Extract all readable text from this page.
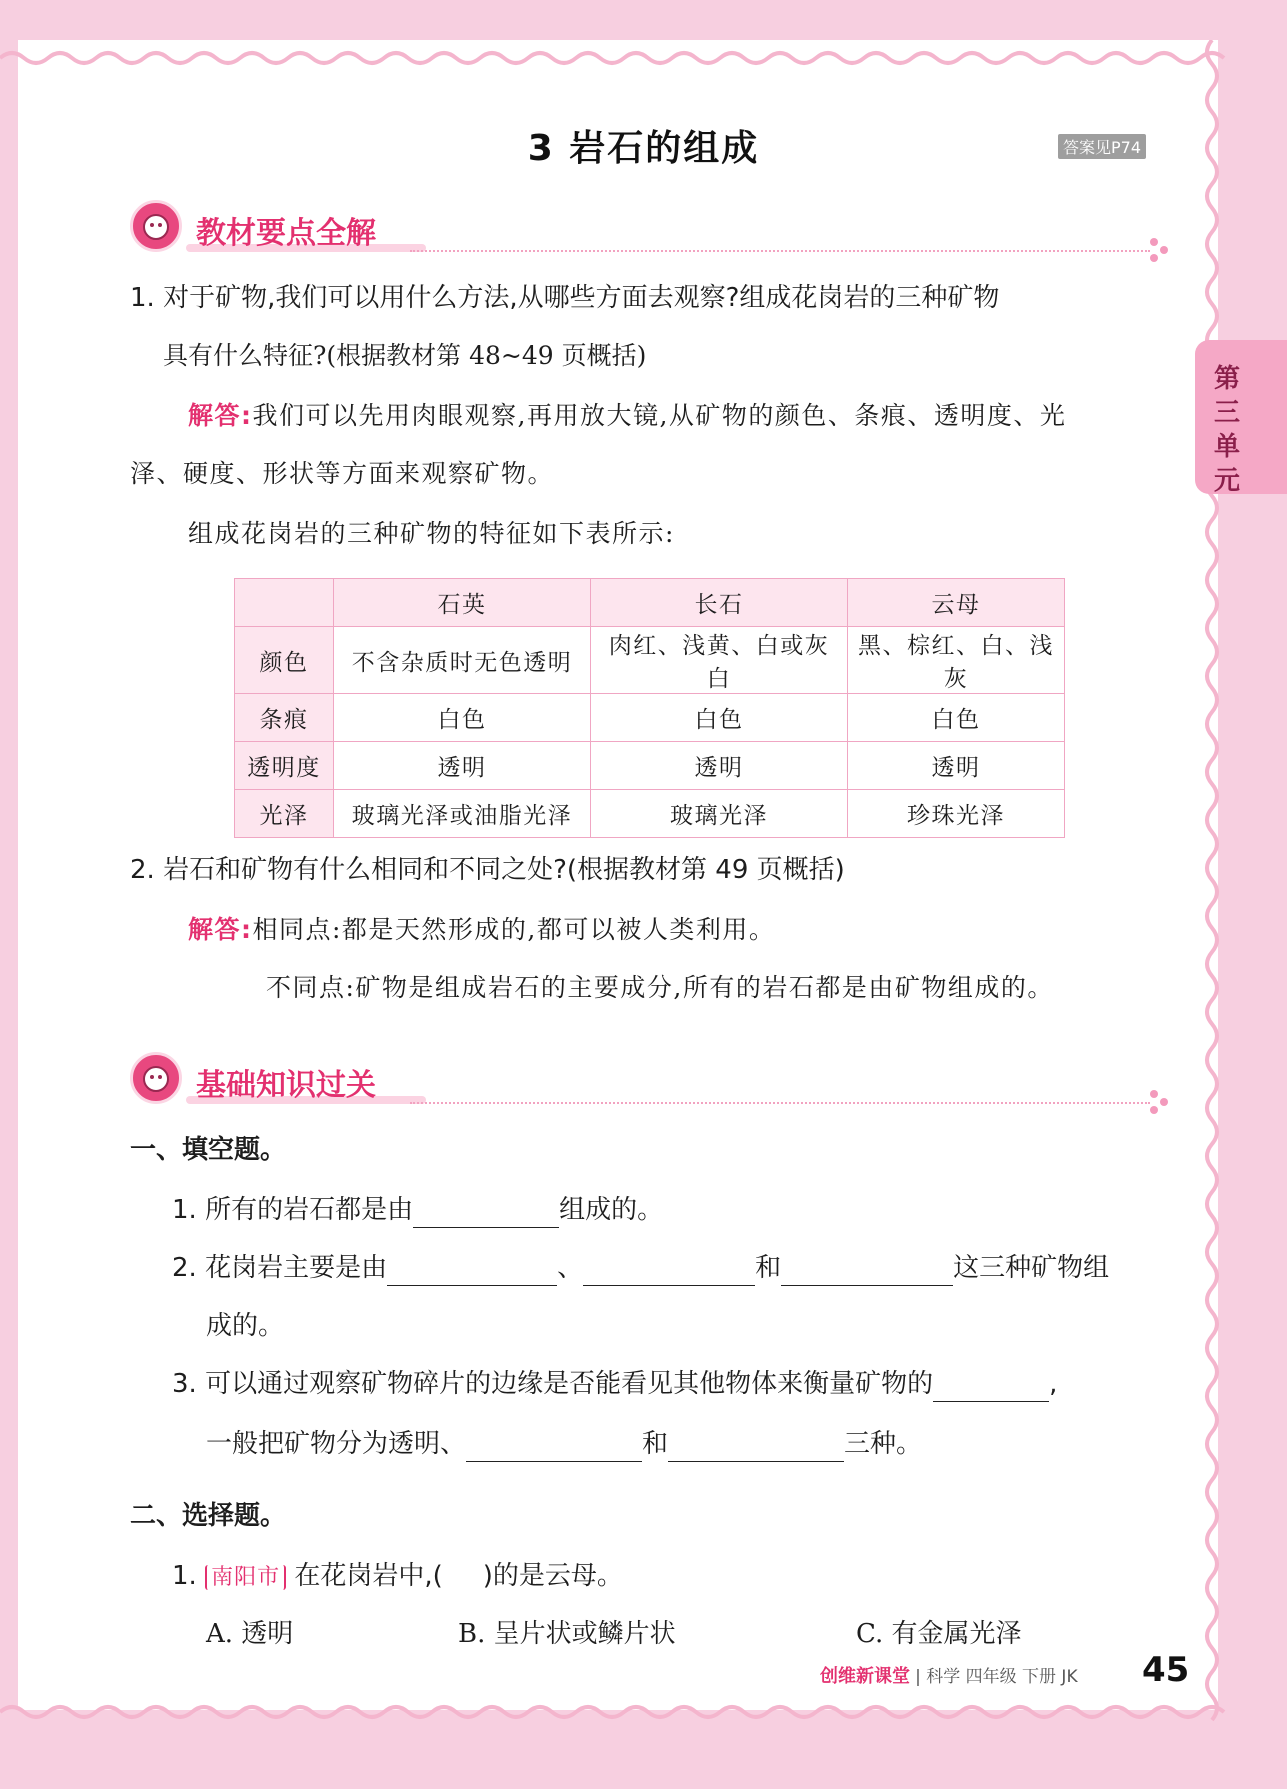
3 岩石的组成	答案见P74
第三单元
教材要点全解
1. 对于矿物,我们可以用什么方法,从哪些方面去观察?组成花岗岩的三种矿物
具有什么特征?(根据教材第 48~49 页概括)
解答:我们可以先用肉眼观察,再用放大镜,从矿物的颜色、条痕、透明度、光
泽、硬度、形状等方面来观察矿物。
组成花岗岩的三种矿物的特征如下表所示:
	石英	长石	云母
颜色	不含杂质时无色透明	肉红、浅黄、白或灰白	黑、棕红、白、浅灰
条痕	白色	白色	白色
透明度	透明	透明	透明
光泽	玻璃光泽或油脂光泽	玻璃光泽	珍珠光泽
2. 岩石和矿物有什么相同和不同之处?(根据教材第 49 页概括)
解答:相同点:都是天然形成的,都可以被人类利用。
不同点:矿物是组成岩石的主要成分,所有的岩石都是由矿物组成的。
基础知识过关
一、填空题。
1. 所有的岩石都是由	组成的。
2. 花岗岩主要是由	、	和	这三种矿物组
成的。
3. 可以通过观察矿物碎片的边缘是否能看见其他物体来衡量矿物的	,
一般把矿物分为透明、	和	三种。
二、选择题。
1. 南阳市 在花岗岩中,( )的是云母。
A. 透明	B. 呈片状或鳞片状	C. 有金属光泽
创维新课堂 | 科学 四年级 下册 JK 45
